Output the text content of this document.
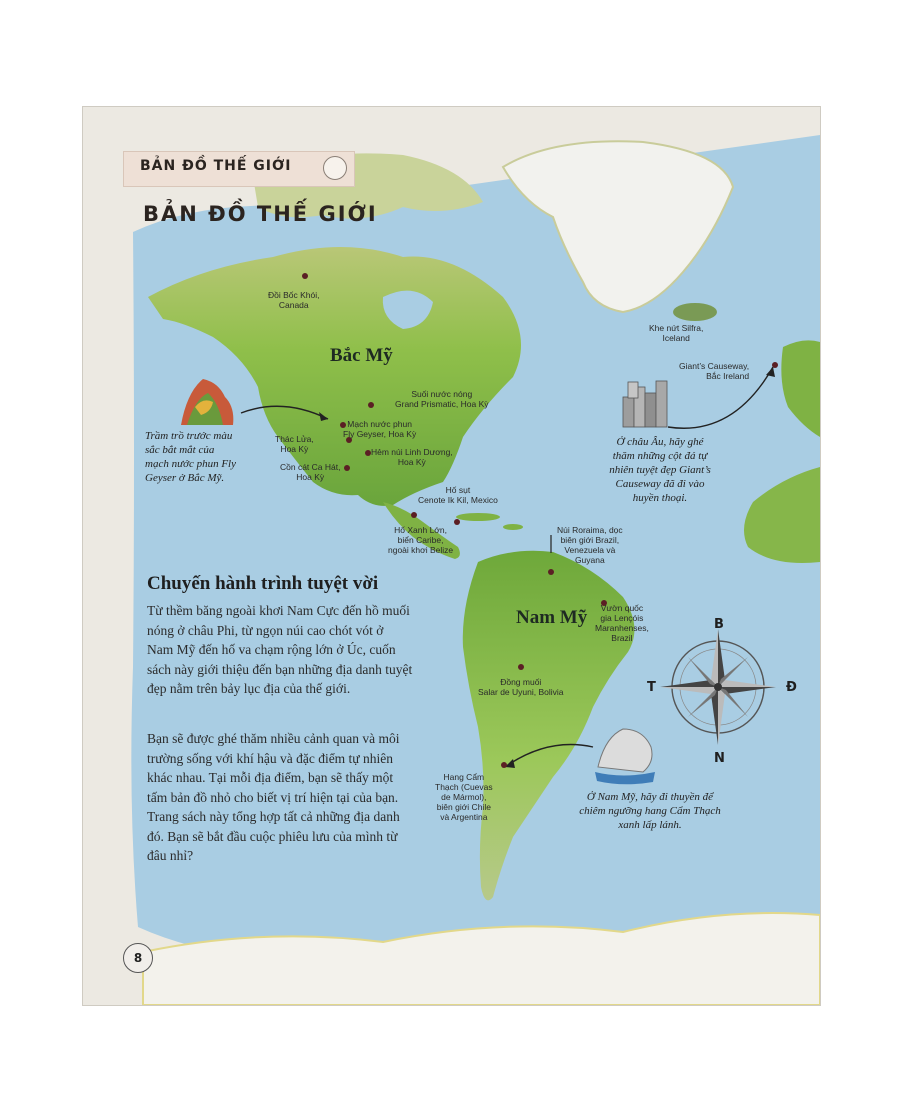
BẢN ĐỒ THẾ GIỚI
BẢN ĐỒ THẾ GIỚI
Bắc Mỹ
Nam Mỹ
Đồi Bốc Khói,
Canada
Suối nước nóng
Grand Prismatic, Hoa Kỳ
Mạch nước phun
Fly Geyser, Hoa Kỳ
Thác Lửa,
Hoa Kỳ	Hẻm núi Linh Dương,
Hoa Kỳ
Cồn cát Ca Hát,
Hoa Kỳ
Hố sụt
Cenote Ik Kil, Mexico
Hố Xanh Lớn,
biển Caribe,
ngoài khơi Belize
Khe nứt Silfra,
Iceland
Giant’s Causeway,
Bắc Ireland
Núi Roraima, dọc
biên giới Brazil,
Venezuela và
Guyana
Vườn quốc
gia Lençóis
Maranhenses,
Brazil
Đồng muối
Salar de Uyuni, Bolivia
Hang Cẩm
Thạch (Cuevas
de Mármol),
biên giới Chile
và Argentina
Trầm trồ trước màu
sắc bắt mắt của
mạch nước phun Fly
Geyser ở Bắc Mỹ.
Ở châu Âu, hãy ghé
thăm những cột đá tự
nhiên tuyệt đẹp Giant’s
Causeway đã đi vào
huyền thoại.
Ở Nam Mỹ, hãy đi thuyền để
chiêm ngưỡng hang Cẩm Thạch
xanh lấp lánh.
B
N
Đ
T
Chuyến hành trình tuyệt vời
Từ thềm băng ngoài khơi Nam Cực đến hồ muối nóng ở châu Phi, từ ngọn núi cao chót vót ở Nam Mỹ đến hố va chạm rộng lớn ở Úc, cuốn sách này giới thiệu đến bạn những địa danh tuyệt đẹp nằm trên bảy lục địa của thế giới.
Bạn sẽ được ghé thăm nhiều cảnh quan và môi trường sống với khí hậu và đặc điểm tự nhiên khác nhau. Tại mỗi địa điểm, bạn sẽ thấy một tấm bản đồ nhỏ cho biết vị trí hiện tại của bạn. Trang sách này tổng hợp tất cả những địa danh đó. Bạn sẽ bắt đầu cuộc phiêu lưu của mình từ đâu nhỉ?
8
